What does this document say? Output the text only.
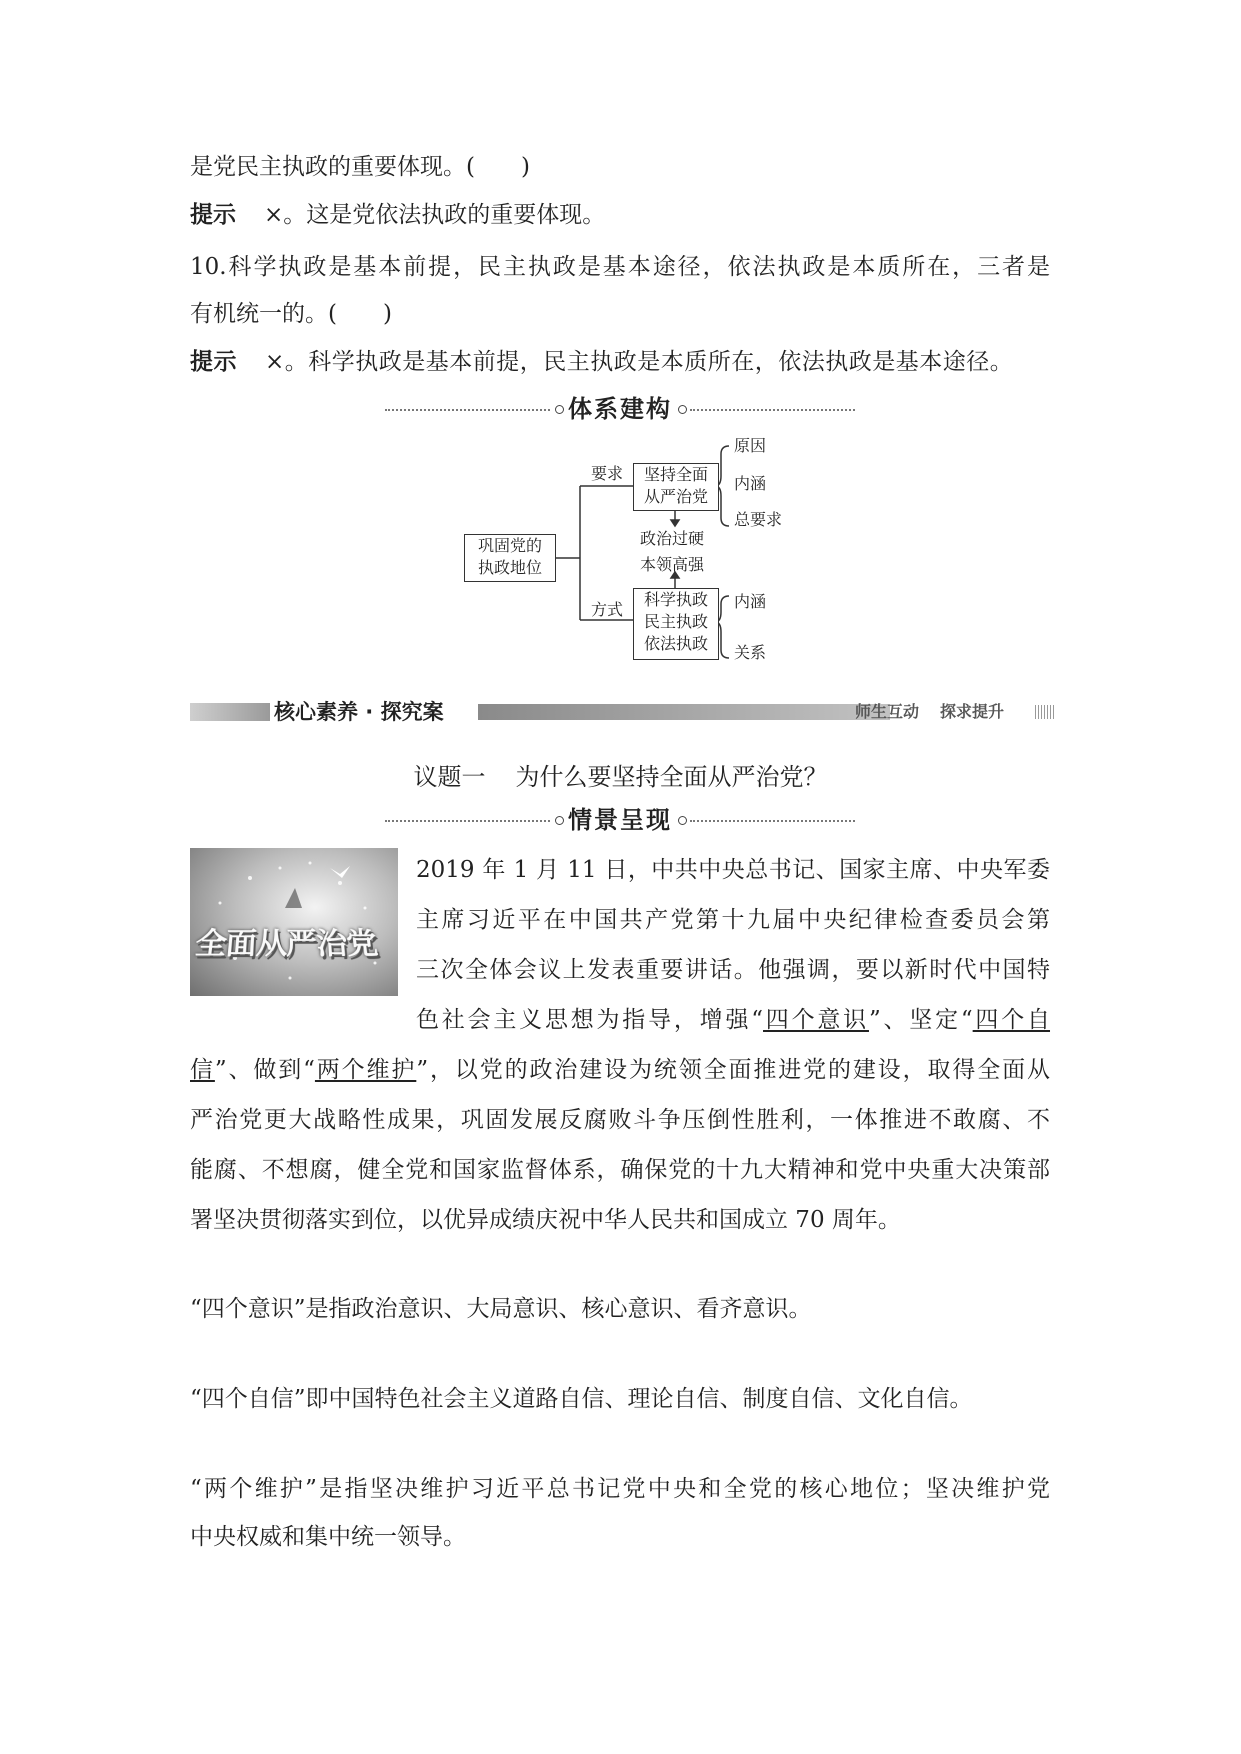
是党民主执政的重要体现。(　　)
提示 ×。这是党依法执政的重要体现。
10.科学执政是基本前提，民主执政是基本途径，依法执政是本质所在，三者是
有机统一的。(　　)
提示 ×。科学执政是基本前提，民主执政是本质所在，依法执政是基本途径。
体系建构
巩固党的
执政地位
要求
方式
坚持全面
从严治党
原因
内涵
总要求
政治过硬
本领高强
科学执政
民主执政
依法执政
内涵
关系
核心素养 · 探究案	师生互动 探求提升
议题一 为什么要坚持全面从严治党？
情景呈现
全面从严治党
2019 年 1 月 11 日，中共中央总书记、国家主席、中央军委
主席习近平在中国共产党第十九届中央纪律检查委员会第
三次全体会议上发表重要讲话。他强调，要以新时代中国特
色社会主义思想为指导，增强“四个意识”、坚定“四个自
信”、做到“两个维护”，以党的政治建设为统领全面推进党的建设，取得全面从
严治党更大战略性成果，巩固发展反腐败斗争压倒性胜利，一体推进不敢腐、不
能腐、不想腐，健全党和国家监督体系，确保党的十九大精神和党中央重大决策部
署坚决贯彻落实到位，以优异成绩庆祝中华人民共和国成立 70 周年。
“四个意识”是指政治意识、大局意识、核心意识、看齐意识。
“四个自信”即中国特色社会主义道路自信、理论自信、制度自信、文化自信。
“两个维护”是指坚决维护习近平总书记党中央和全党的核心地位；坚决维护党
中央权威和集中统一领导。
